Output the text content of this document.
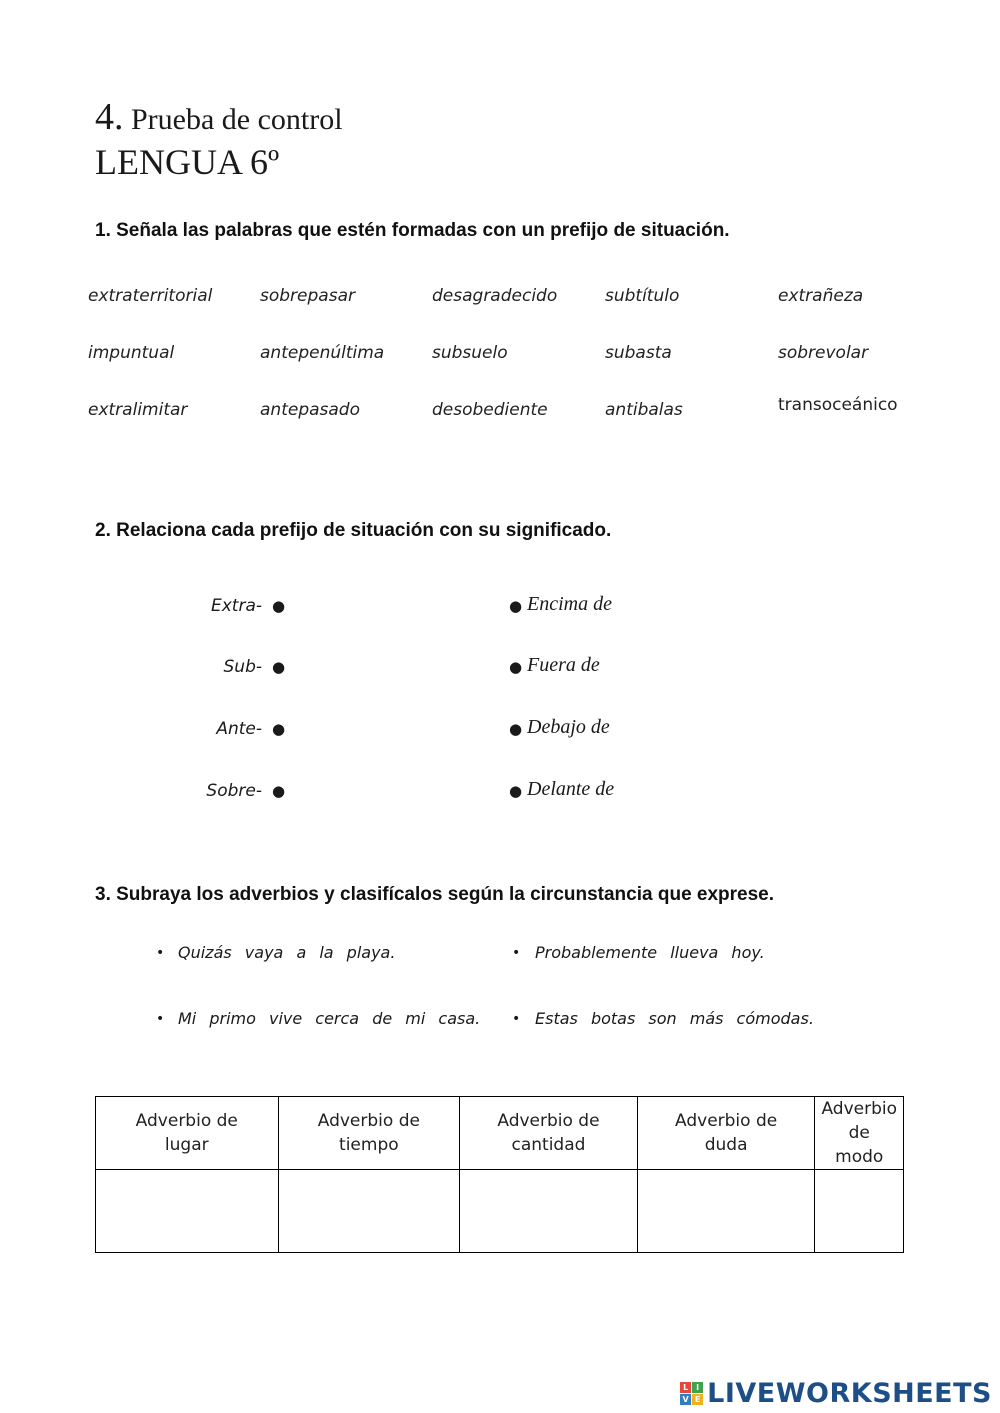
4. Prueba de control
LENGUA 6º
1. Señala las palabras que estén formadas con un prefijo de situación.
extraterritorial	sobrepasar	desagradecido	subtítulo	extrañeza
impuntual	antepenúltima	subsuelo	subasta	sobrevolar
extralimitar	antepasado	desobediente	antibalas	transoceánico
2. Relaciona cada prefijo de situación con su significado.
Extra- ●
Sub- ●
Ante- ●
Sobre- ●
● Encima de
● Fuera de
● Debajo de
● Delante de
3. Subraya los adverbios y clasifícalos según la circunstancia que exprese.
• Quizás vaya a la playa.	• Probablemente llueva hoy.
• Mi primo vive cerca de mi casa. • Estas botas son más cómodas.
Adverbio de
lugar	Adverbio de
tiempo	Adverbio de
cantidad	Adverbio de
duda	Adverbio de
modo

L I
V E LIVEWORKSHEETS
